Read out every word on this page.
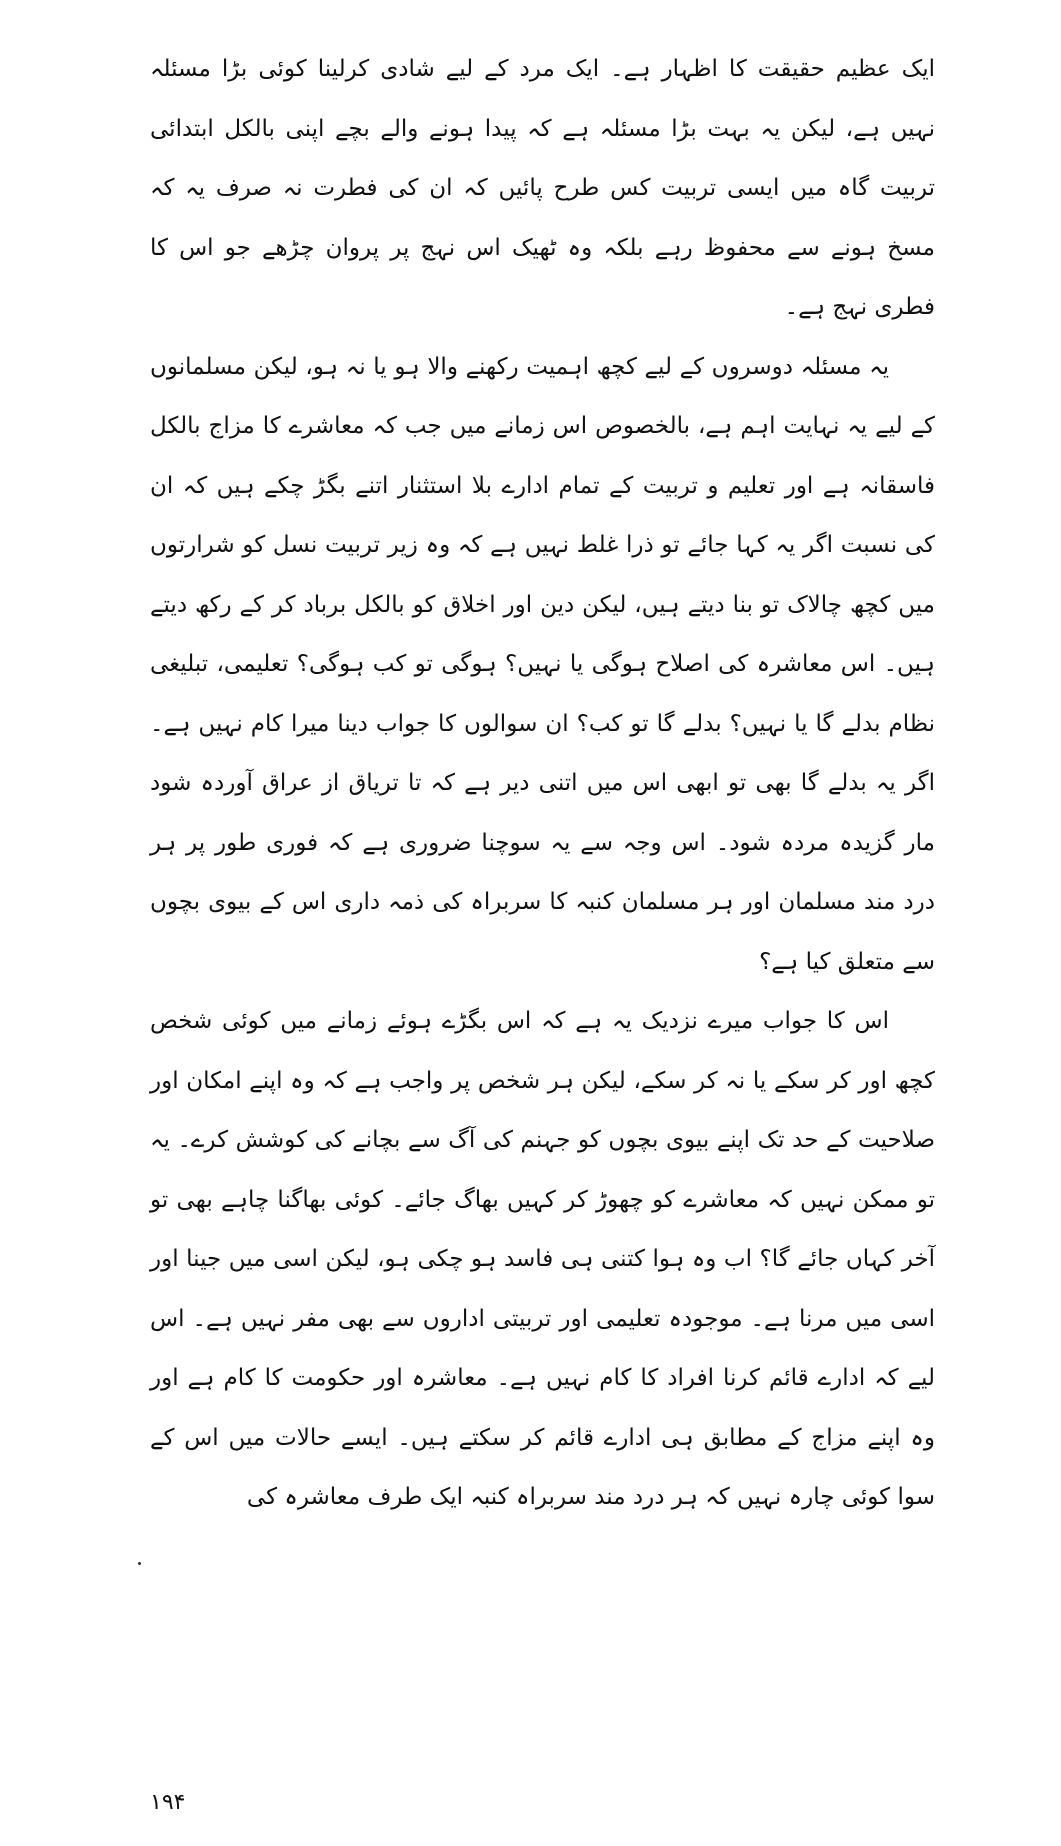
ایک عظیم حقیقت کا اظہار ہے۔ ایک مرد کے لیے شادی کرلینا کوئی بڑا مسئلہ نہیں ہے، لیکن یہ بہت بڑا مسئلہ ہے کہ پیدا ہونے والے بچے اپنی بالکل ابتدائی تربیت گاہ میں ایسی تربیت کس طرح پائیں کہ ان کی فطرت نہ صرف یہ کہ مسخ ہونے سے محفوظ رہے بلکہ وہ ٹھیک اس نہج پر پروان چڑھے جو اس کا فطری نہج ہے۔

یہ مسئلہ دوسروں کے لیے کچھ اہمیت رکھنے والا ہو یا نہ ہو، لیکن مسلمانوں کے لیے یہ نہایت اہم ہے، بالخصوص اس زمانے میں جب کہ معاشرے کا مزاج بالکل فاسقانہ ہے اور تعلیم و تربیت کے تمام ادارے بلا استثنار اتنے بگڑ چکے ہیں کہ ان کی نسبت اگر یہ کہا جائے تو ذرا غلط نہیں ہے کہ وہ زیر تربیت نسل کو شرارتوں میں کچھ چالاک تو بنا دیتے ہیں، لیکن دین اور اخلاق کو بالکل برباد کر کے رکھ دیتے ہیں۔ اس معاشرہ کی اصلاح ہوگی یا نہیں؟ ہوگی تو کب ہوگی؟ تعلیمی، تبلیغی نظام بدلے گا یا نہیں؟ بدلے گا تو کب؟ ان سوالوں کا جواب دینا میرا کام نہیں ہے۔ اگر یہ بدلے گا بھی تو ابھی اس میں اتنی دیر ہے کہ تا تریاق از عراق آوردہ شود مار گزیدہ مردہ شود۔ اس وجہ سے یہ سوچنا ضروری ہے کہ فوری طور پر ہر درد مند مسلمان اور ہر مسلمان کنبہ کا سربراہ کی ذمہ داری اس کے بیوی بچوں سے متعلق کیا ہے؟

اس کا جواب میرے نزدیک یہ ہے کہ اس بگڑے ہوئے زمانے میں کوئی شخص کچھ اور کر سکے یا نہ کر سکے، لیکن ہر شخص پر واجب ہے کہ وہ اپنے امکان اور صلاحیت کے حد تک اپنے بیوی بچوں کو جہنم کی آگ سے بچانے کی کوشش کرے۔ یہ تو ممکن نہیں کہ معاشرے کو چھوڑ کر کہیں بھاگ جائے۔ کوئی بھاگنا چاہے بھی تو آخر کہاں جائے گا؟ اب وہ ہوا کتنی ہی فاسد ہو چکی ہو، لیکن اسی میں جینا اور اسی میں مرنا ہے۔ موجودہ تعلیمی اور تربیتی اداروں سے بھی مفر نہیں ہے۔ اس لیے کہ ادارے قائم کرنا افراد کا کام نہیں ہے۔ معاشرہ اور حکومت کا کام ہے اور وہ اپنے مزاج کے مطابق ہی ادارے قائم کر سکتے ہیں۔ ایسے حالات میں اس کے سوا کوئی چارہ نہیں کہ ہر درد مند سربراہ کنبہ ایک طرف معاشرہ کی

۱۹۴
